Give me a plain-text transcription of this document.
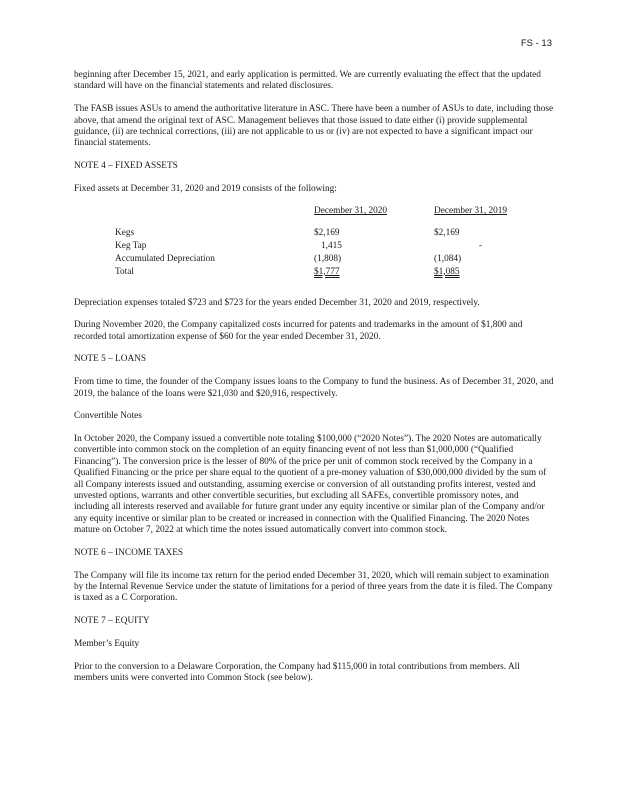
FS - 13

beginning after December 15, 2021, and early application is permitted. We are currently evaluating the effect that the updated standard will have on the financial statements and related disclosures.

The FASB issues ASUs to amend the authoritative literature in ASC. There have been a number of ASUs to date, including those above, that amend the original text of ASC. Management believes that those issued to date either (i) provide supplemental guidance, (ii) are technical corrections, (iii) are not applicable to us or (iv) are not expected to have a significant impact our financial statements.

NOTE 4 – FIXED ASSETS

Fixed assets at December 31, 2020 and 2019 consists of the following:

	December 31, 2020	December 31, 2019

Kegs	$2,169	$2,169
Keg Tap	1,415	-
Accumulated Depreciation	(1,808)	(1,084)
Total	$1,777	$1,085

Depreciation expenses totaled $723 and $723 for the years ended December 31, 2020 and 2019, respectively.

During November 2020, the Company capitalized costs incurred for patents and trademarks in the amount of $1,800 and recorded total amortization expense of $60 for the year ended December 31, 2020.

NOTE 5 – LOANS

From time to time, the founder of the Company issues loans to the Company to fund the business. As of December 31, 2020, and 2019, the balance of the loans were $21,030 and $20,916, respectively.

Convertible Notes

In October 2020, the Company issued a convertible note totaling $100,000 (“2020 Notes”). The 2020 Notes are automatically convertible into common stock on the completion of an equity financing event of not less than $1,000,000 (“Qualified Financing”). The conversion price is the lesser of 80% of the price per unit of common stock received by the Company in a Qualified Financing or the price per share equal to the quotient of a pre-money valuation of $30,000,000 divided by the sum of all Company interests issued and outstanding, assuming exercise or conversion of all outstanding profits interest, vested and unvested options, warrants and other convertible securities, but excluding all SAFEs, convertible promissory notes, and including all interests reserved and available for future grant under any equity incentive or similar plan of the Company and/or any equity incentive or similar plan to be created or increased in connection with the Qualified Financing. The 2020 Notes mature on October 7, 2022 at which time the notes issued automatically convert into common stock.

NOTE 6 – INCOME TAXES

The Company will file its income tax return for the period ended December 31, 2020, which will remain subject to examination by the Internal Revenue Service under the statute of limitations for a period of three years from the date it is filed. The Company is taxed as a C Corporation.

NOTE 7 – EQUITY

Member’s Equity

Prior to the conversion to a Delaware Corporation, the Company had $115,000 in total contributions from members. All members units were converted into Common Stock (see below).
